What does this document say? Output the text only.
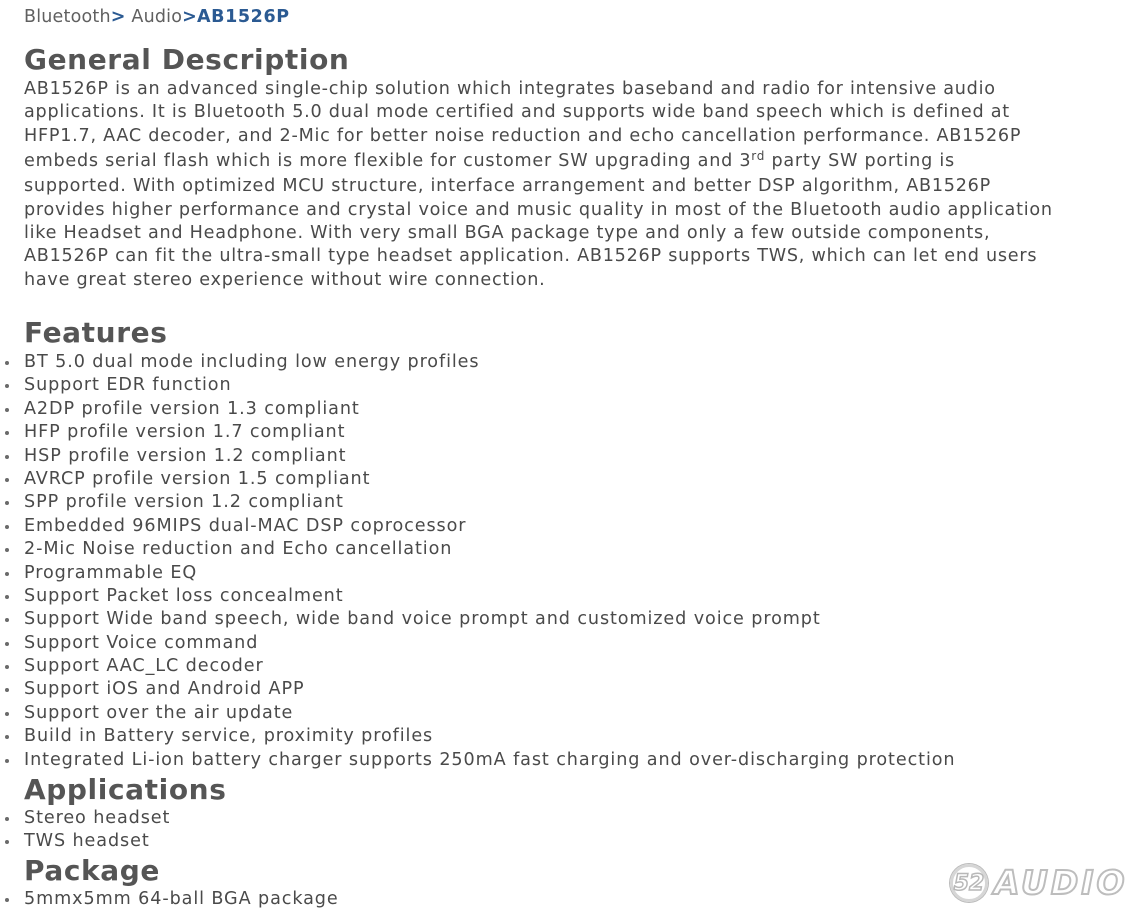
Bluetooth> Audio>AB1526P
General Description

AB1526P is an advanced single-chip solution which integrates baseband and radio for intensive audio
applications. It is Bluetooth 5.0 dual mode certified and supports wide band speech which is defined at
HFP1.7, AAC decoder, and 2-Mic for better noise reduction and echo cancellation performance. AB1526P
embeds serial flash which is more flexible for customer SW upgrading and 3rd party SW porting is
supported. With optimized MCU structure, interface arrangement and better DSP algorithm, AB1526P
provides higher performance and crystal voice and music quality in most of the Bluetooth audio application
like Headset and Headphone. With very small BGA package type and only a few outside components,
AB1526P can fit the ultra-small type headset application. AB1526P supports TWS, which can let end users
have great stereo experience without wire connection.

Features
BT 5.0 dual mode including low energy profiles
Support EDR function
A2DP profile version 1.3 compliant
HFP profile version 1.7 compliant
HSP profile version 1.2 compliant
AVRCP profile version 1.5 compliant
SPP profile version 1.2 compliant
Embedded 96MIPS dual-MAC DSP coprocessor
2-Mic Noise reduction and Echo cancellation
Programmable EQ
Support Packet loss concealment
Support Wide band speech, wide band voice prompt and customized voice prompt
Support Voice command
Support AAC_LC decoder
Support iOS and Android APP
Support over the air update
Build in Battery service, proximity profiles
Integrated Li-ion battery charger supports 250mA fast charging and over-discharging protection
Applications
Stereo headset
TWS headset
Package
5mmx5mm 64-ball BGA package
52 AUDIO
